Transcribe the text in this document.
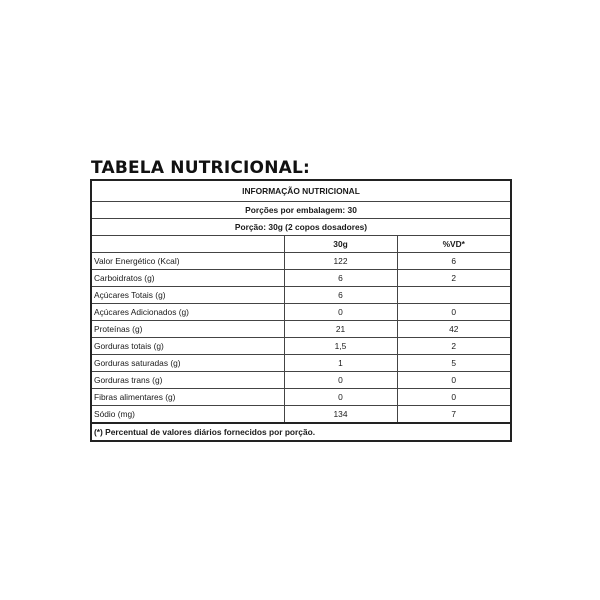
TABELA NUTRICIONAL:
INFORMAÇÃO NUTRICIONAL		
Porções por embalagem: 30		
Porção: 30g (2 copos dosadores)		
	30g	%VD*
Valor Energético (Kcal)	122	6
Carboidratos (g)	6	2
Açúcares Totais (g)	6	
Açúcares Adicionados (g)	0	0
Proteínas (g)	21	42
Gorduras totais (g)	1,5	2
Gorduras saturadas (g)	1	5
Gorduras trans (g)	0	0
Fibras alimentares (g)	0	0
Sódio (mg)	134	7
(*) Percentual de valores diários fornecidos por porção.		
